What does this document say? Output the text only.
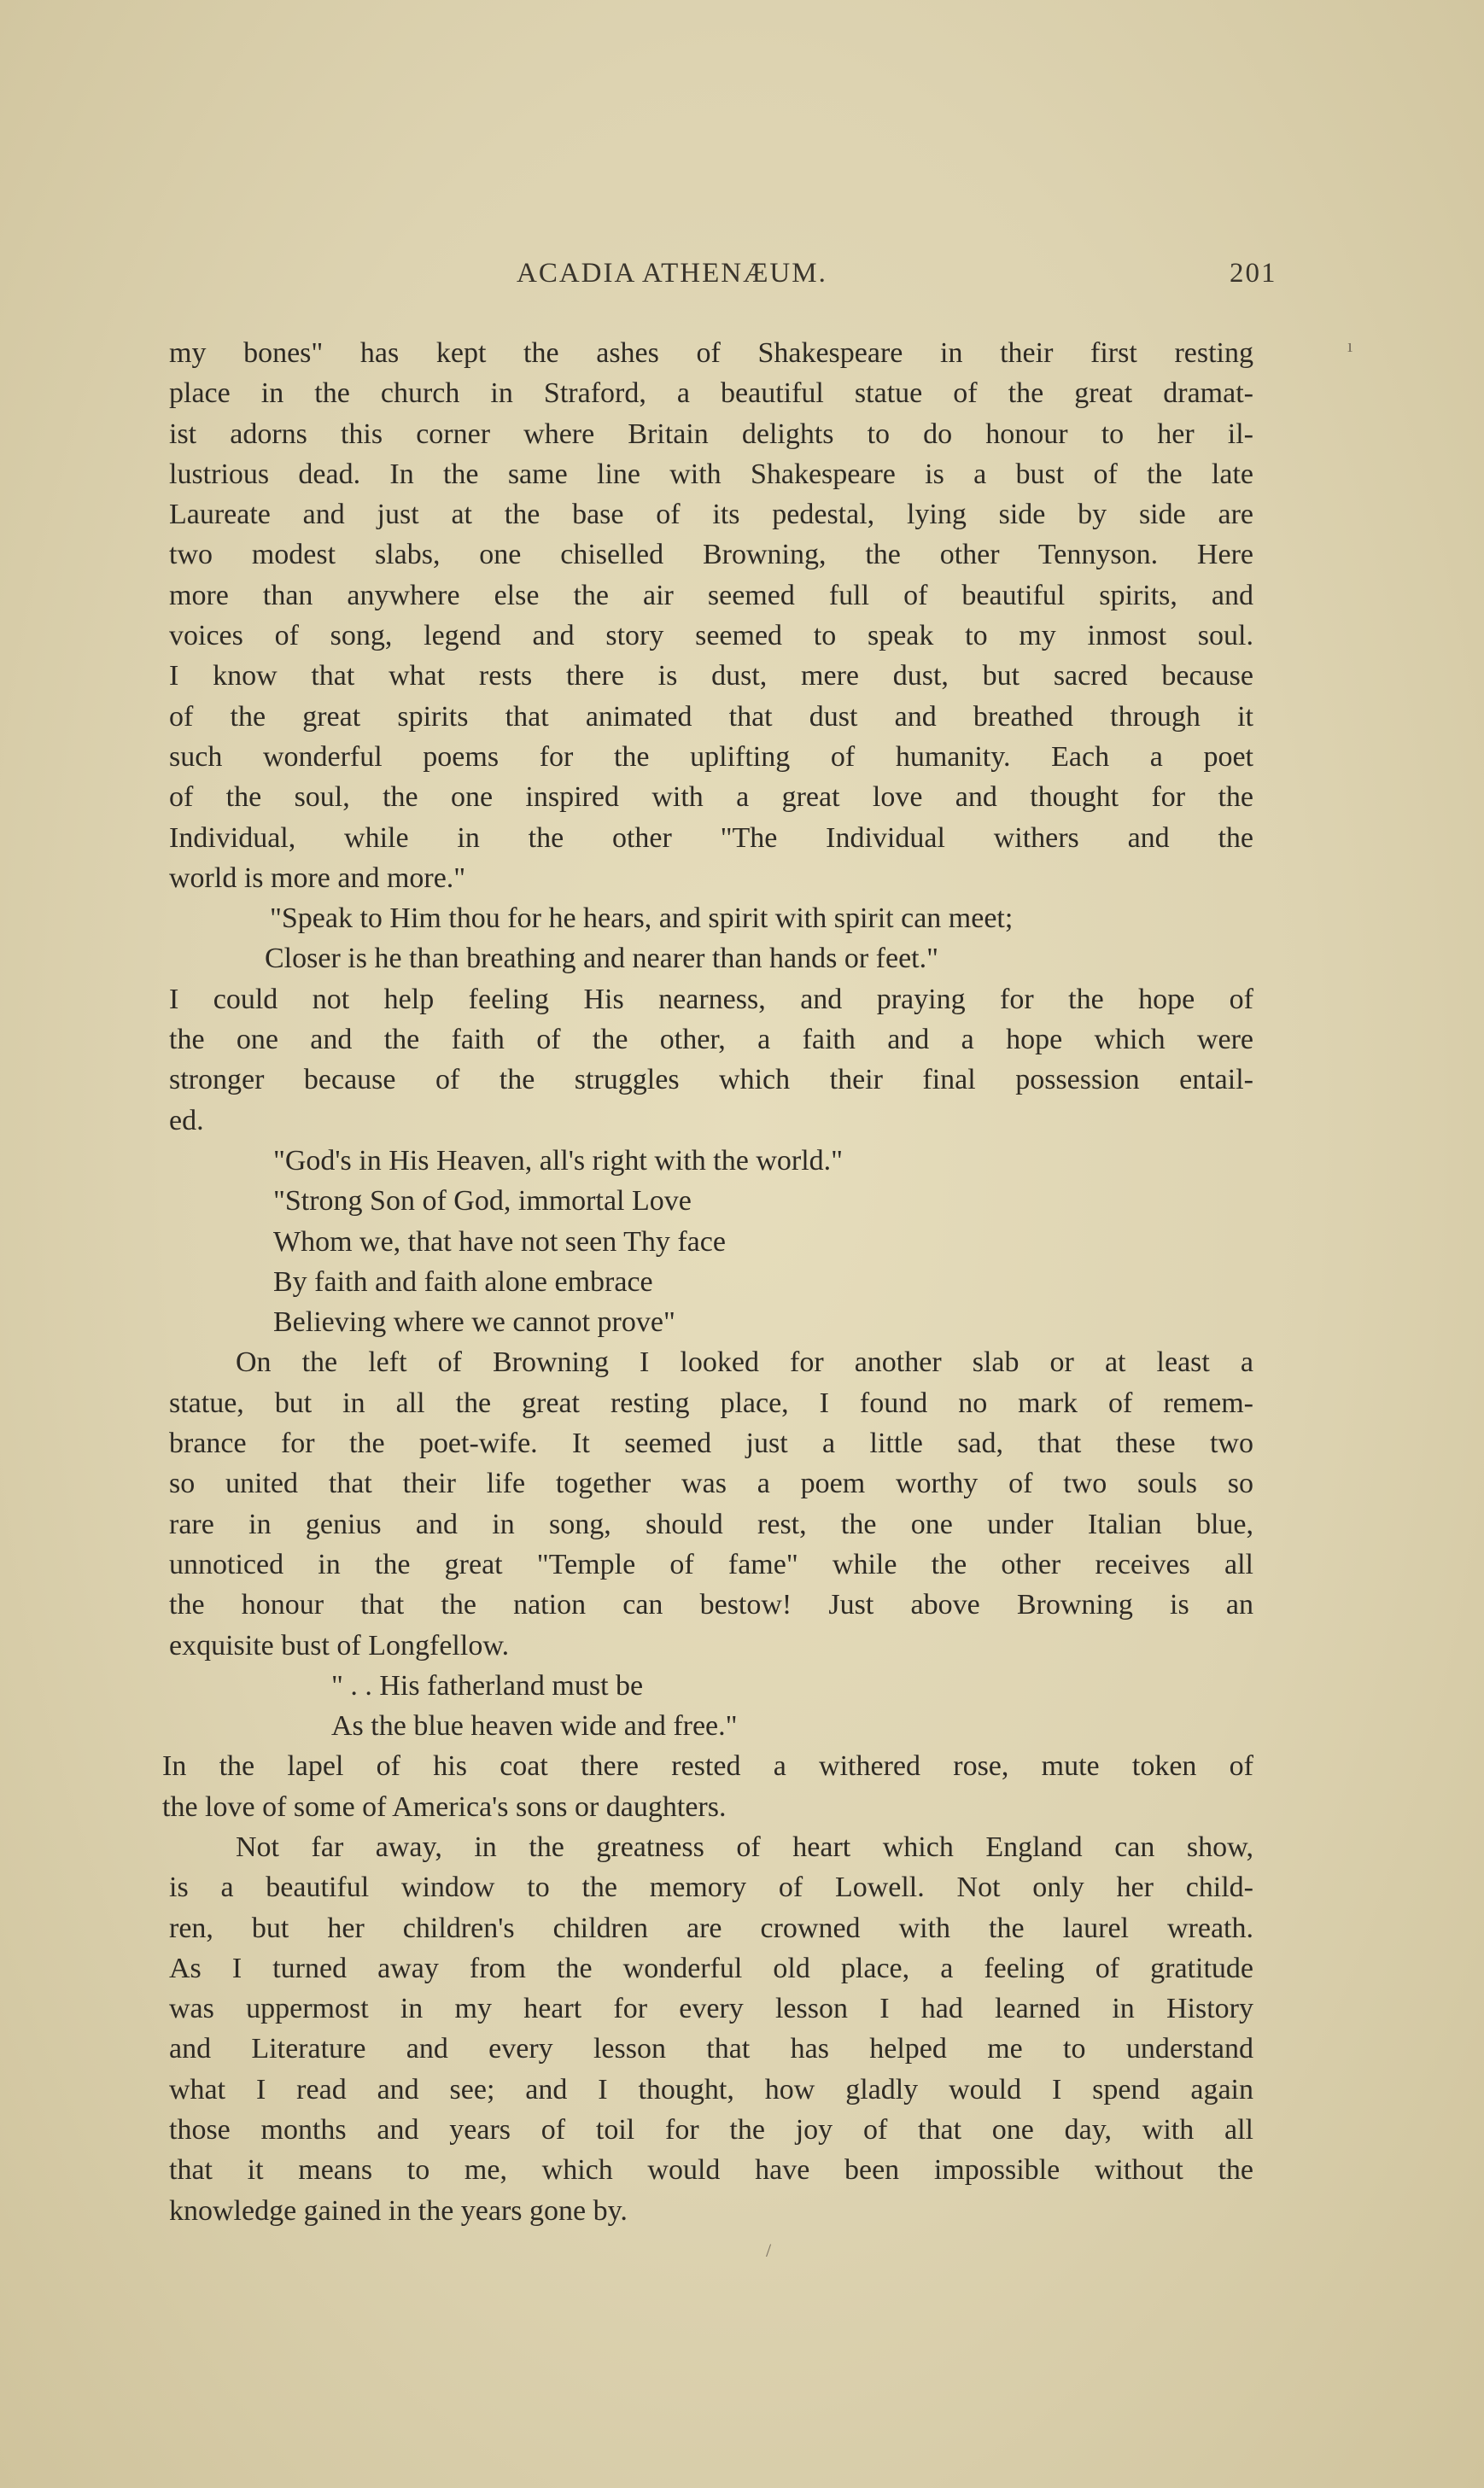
ACADIA ATHENÆUM.	201
my bones" has kept the ashes of Shakespeare in their first resting
place in the church in Straford, a beautiful statue of the great dramat-
ist adorns this corner where Britain delights to do honour to her il-
lustrious dead. In the same line with Shakespeare is a bust of the late
Laureate and just at the base of its pedestal, lying side by side are
two modest slabs, one chiselled Browning, the other Tennyson. Here
more than anywhere else the air seemed full of beautiful spirits, and
voices of song, legend and story seemed to speak to my inmost soul.
I know that what rests there is dust, mere dust, but sacred because
of the great spirits that animated that dust and breathed through it
such wonderful poems for the uplifting of humanity. Each a poet
of the soul, the one inspired with a great love and thought for the
Individual, while in the other "The Individual withers and the
world is more and more."
"Speak to Him thou for he hears, and spirit with spirit can meet;
Closer is he than breathing and nearer than hands or feet."
I could not help feeling His nearness, and praying for the hope of
the one and the faith of the other, a faith and a hope which were
stronger because of the struggles which their final possession entail-
ed.
"God's in His Heaven, all's right with the world."
"Strong Son of God, immortal Love
Whom we, that have not seen Thy face
By faith and faith alone embrace
Believing where we cannot prove"
On the left of Browning I looked for another slab or at least a
statue, but in all the great resting place, I found no mark of remem-
brance for the poet-wife. It seemed just a little sad, that these two
so united that their life together was a poem worthy of two souls so
rare in genius and in song, should rest, the one under Italian blue,
unnoticed in the great "Temple of fame" while the other receives all
the honour that the nation can bestow! Just above Browning is an
exquisite bust of Longfellow.
" . . His fatherland must be
As the blue heaven wide and free."
In the lapel of his coat there rested a withered rose, mute token of
the love of some of America's sons or daughters.
Not far away, in the greatness of heart which England can show,
is a beautiful window to the memory of Lowell. Not only her child-
ren, but her children's children are crowned with the laurel wreath.
As I turned away from the wonderful old place, a feeling of gratitude
was uppermost in my heart for every lesson I had learned in History
and Literature and every lesson that has helped me to understand
what I read and see; and I thought, how gladly would I spend again
those months and years of toil for the joy of that one day, with all
that it means to me, which would have been impossible without the
knowledge gained in the years gone by.
ı
/
